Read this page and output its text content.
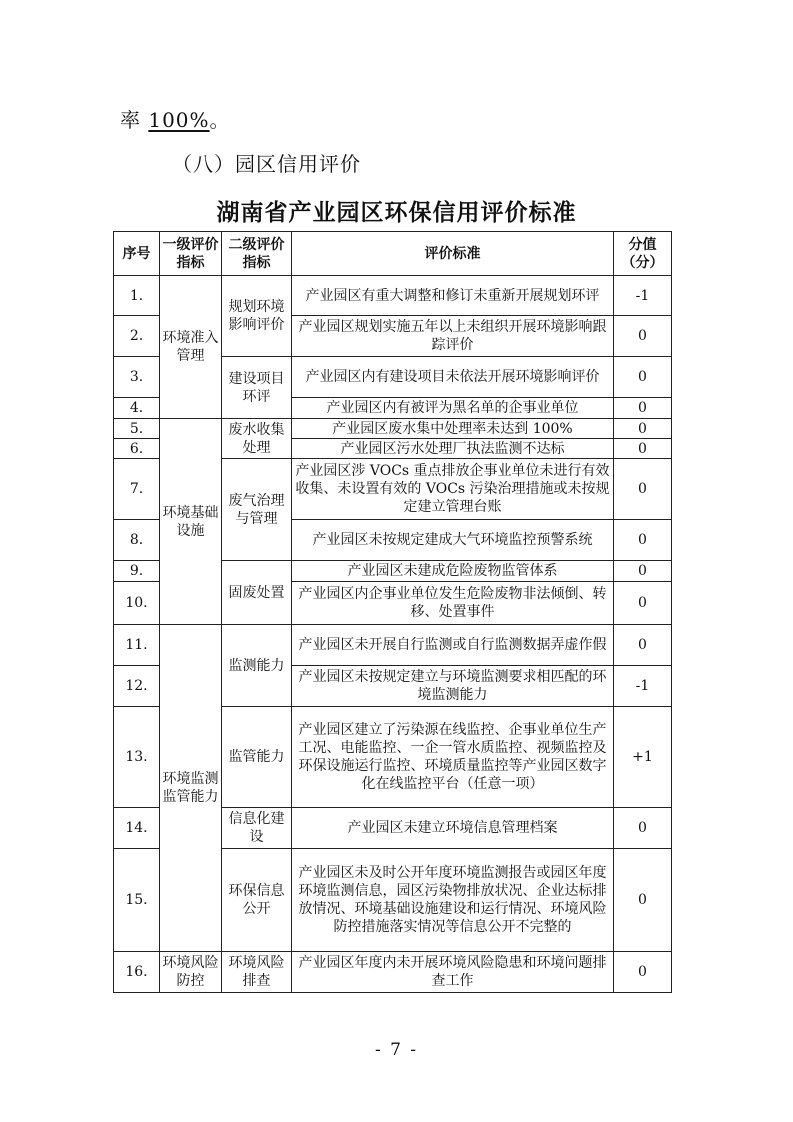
率 100%。
（八）园区信用评价
湖南省产业园区环保信用评价标准
序号	一级评价指标	二级评价指标	评价标准	分值（分）
1.	环境准入管理	规划环境影响评价	产业园区有重大调整和修订未重新开展规划环评	-1
2.			产业园区规划实施五年以上未组织开展环境影响跟踪评价	0
3.		建设项目环评	产业园区内有建设项目未依法开展环境影响评价	0
4.			产业园区内有被评为黑名单的企事业单位	0
5.	环境基础设施	废水收集处理	产业园区废水集中处理率未达到 100%	0
6.			产业园区污水处理厂执法监测不达标	0
7.		废气治理与管理	产业园区涉 VOCs 重点排放企事业单位未进行有效收集、未设置有效的 VOCs 污染治理措施或未按规定建立管理台账	0
8.			产业园区未按规定建成大气环境监控预警系统	0
9.		固废处置	产业园区未建成危险废物监管体系	0
10.			产业园区内企事业单位发生危险废物非法倾倒、转移、处置事件	0
11.	环境监测监管能力	监测能力	产业园区未开展自行监测或自行监测数据弄虚作假	0
12.			产业园区未按规定建立与环境监测要求相匹配的环境监测能力	-1
13.		监管能力	产业园区建立了污染源在线监控、企事业单位生产工况、电能监控、一企一管水质监控、视频监控及环保设施运行监控、环境质量监控等产业园区数字化在线监控平台（任意一项）	+1
14.		信息化建设	产业园区未建立环境信息管理档案	0
15.		环保信息公开	产业园区未及时公开年度环境监测报告或园区年度环境监测信息，园区污染物排放状况、企业达标排放情况、环境基础设施建设和运行情况、环境风险防控措施落实情况等信息公开不完整的	0
16.	环境风险防控	环境风险排查	产业园区年度内未开展环境风险隐患和环境问题排查工作	0
- 7 -
